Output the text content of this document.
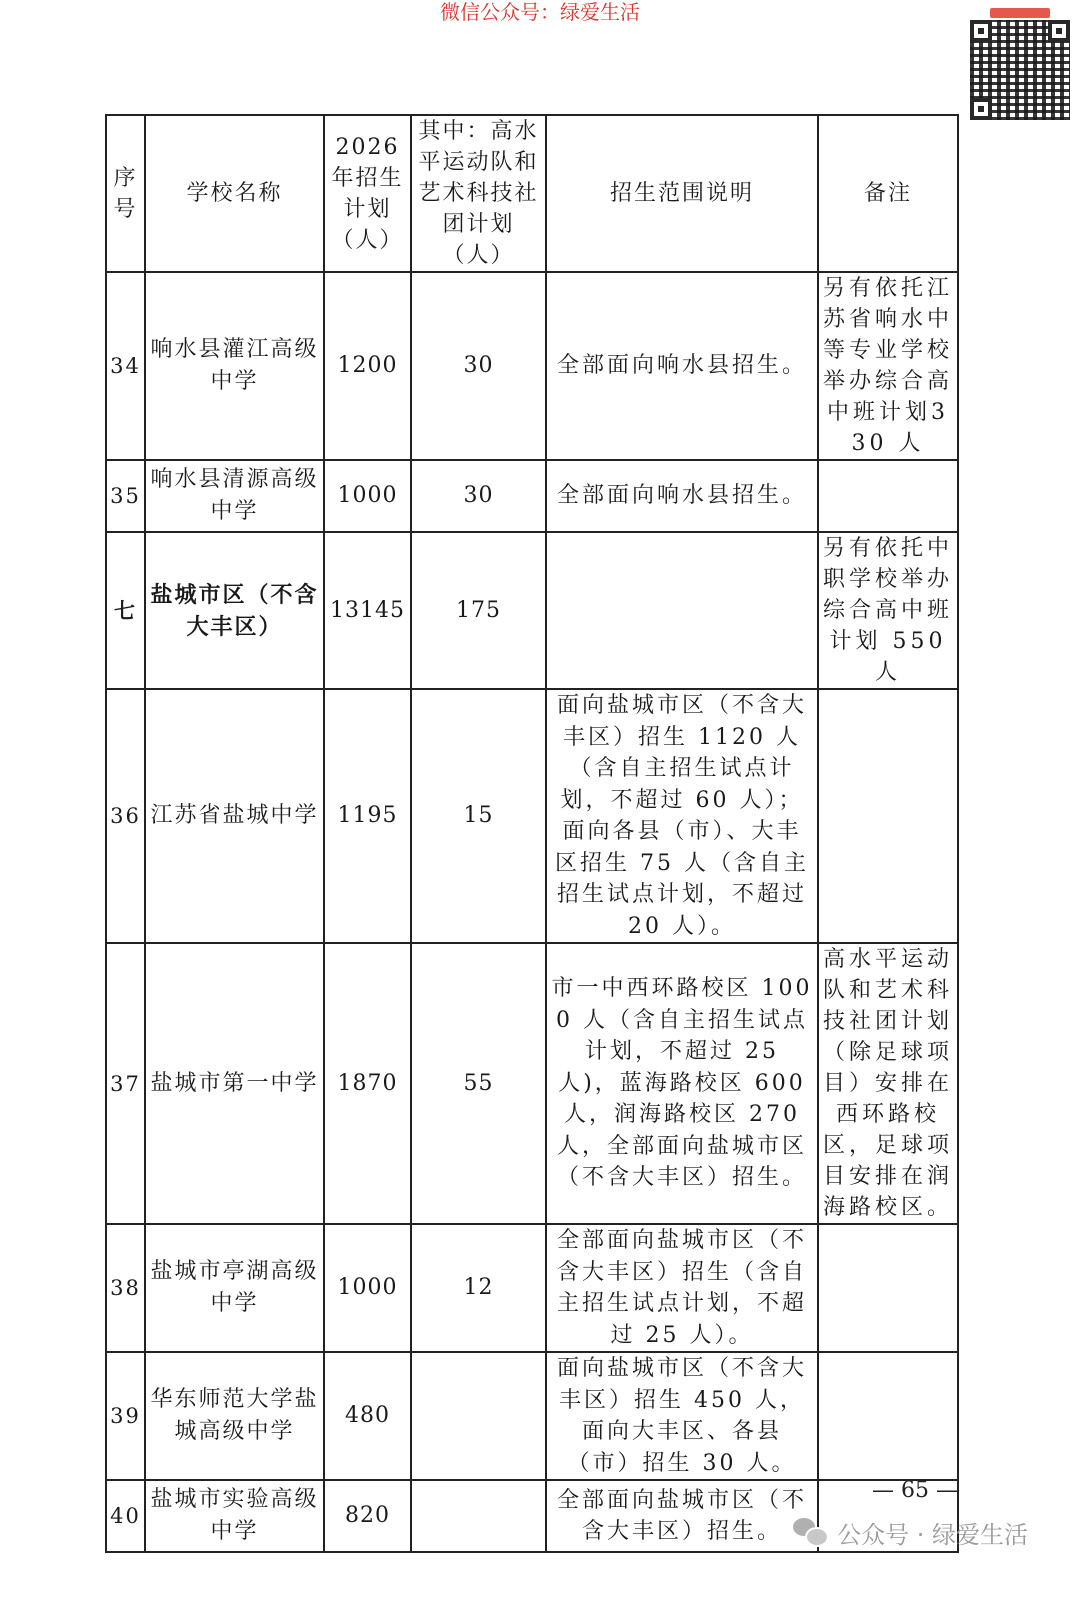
微信公众号：绿爱生活
序号	学校名称	2026 年招生计划（人）	其中：高水平运动队和艺术科技社团计划（人）	招生范围说明	备注
34	响水县灌江高级中学	1200	30	全部面向响水县招生。	另有依托江苏省响水中等专业学校举办综合高中班计划330 人
35	响水县清源高级中学	1000	30	全部面向响水县招生。	
七	盐城市区（不含大丰区）	13145	175		另有依托中职学校举办综合高中班计划 550 人
36	江苏省盐城中学	1195	15	面向盐城市区（不含大丰区）招生 1120 人（含自主招生试点计划，不超过 60 人）；面向各县（市）、大丰区招生 75 人（含自主招生试点计划，不超过 20 人）。	
37	盐城市第一中学	1870	55	市一中西环路校区 1000 人（含自主招生试点计划，不超过 25 人)，蓝海路校区 600 人，润海路校区 270 人，全部面向盐城市区（不含大丰区）招生。	高水平运动队和艺术科技社团计划（除足球项目）安排在西环路校区，足球项目安排在润海路校区。
38	盐城市亭湖高级中学	1000	12	全部面向盐城市区（不含大丰区）招生（含自主招生试点计划，不超过 25 人）。	
39	华东师范大学盐城高级中学	480		面向盐城市区（不含大丰区）招生 450 人，面向大丰区、各县（市）招生 30 人。	
40	盐城市实验高级中学	820		全部面向盐城市区（不含大丰区）招生。	
— 65 —
公众号 · 绿爱生活
